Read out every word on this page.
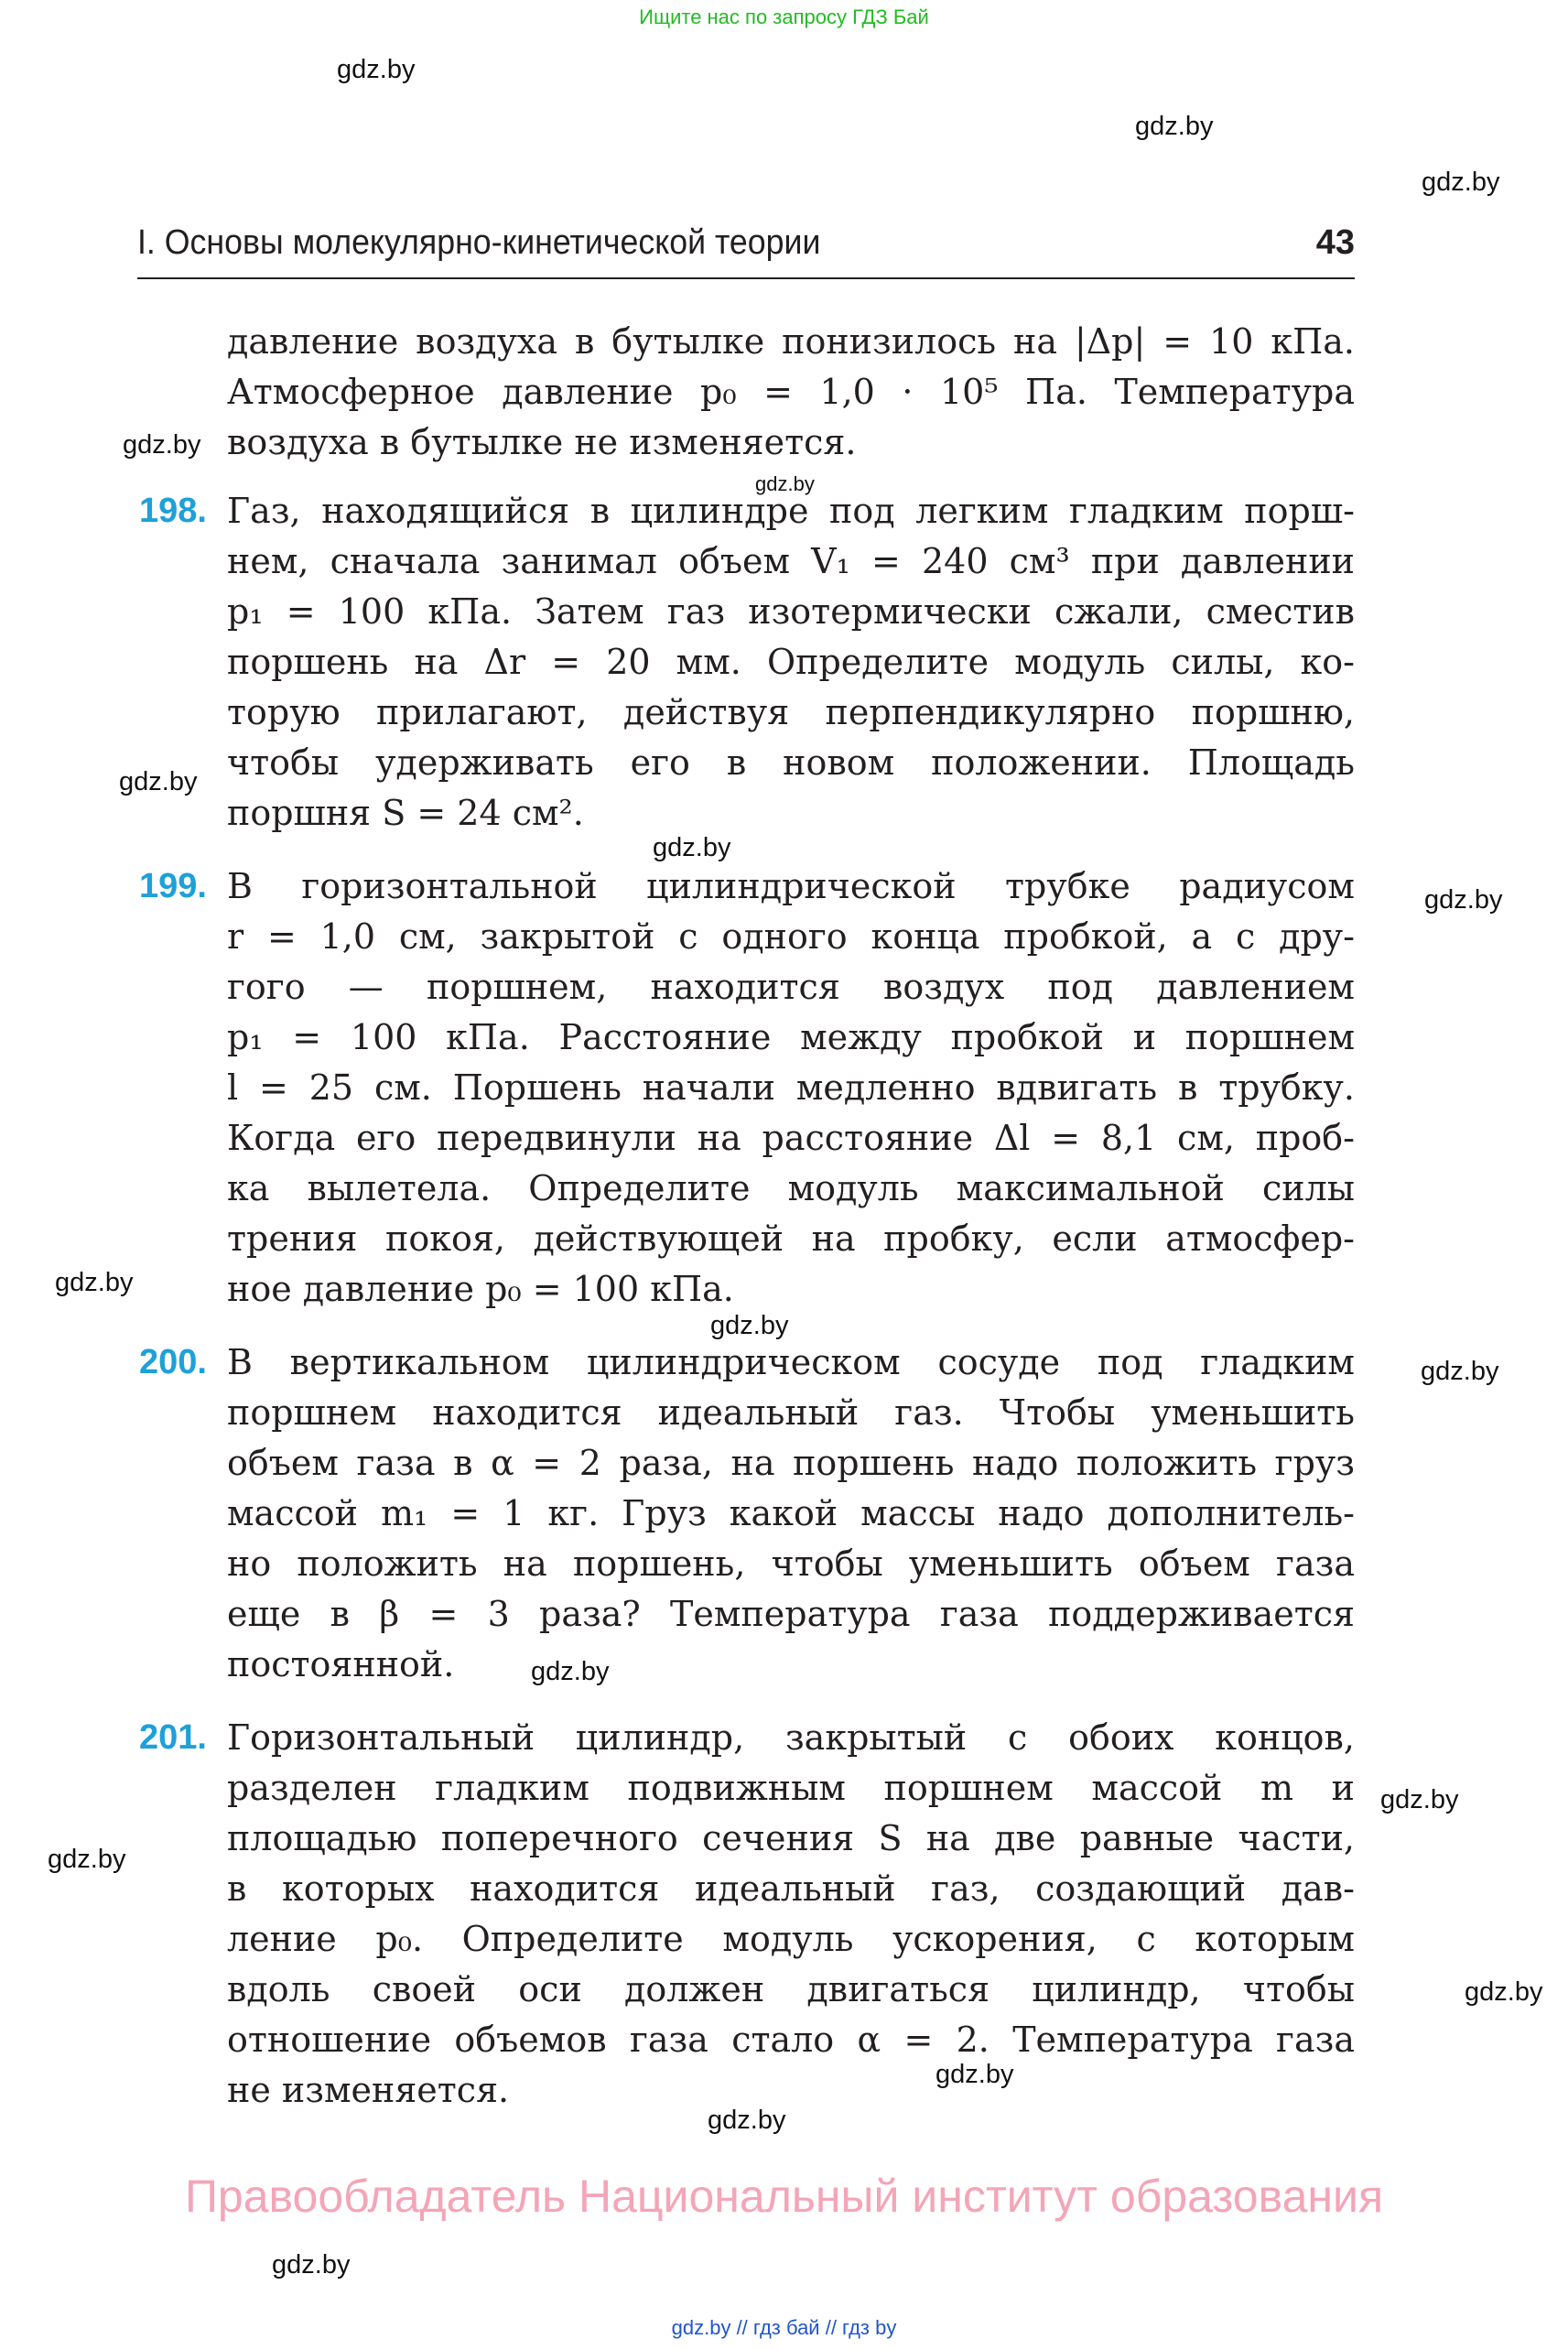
Ищите нас по запросу ГДЗ Бай
gdz.by
gdz.by
gdz.by
I. Основы молекулярно-кинетической теории	43
давление воздуха в бутылке понизилось на |Δp| = 10 кПа.
Атмосферное давление p₀ = 1,0 · 10⁵ Па. Температура
воздуха в бутылке не изменяется.
gdz.by
gdz.by
198. Газ, находящийся в цилиндре под легким гладким порш-
нем, сначала занимал объем V₁ = 240 см³ при давлении
p₁ = 100 кПа. Затем газ изотермически сжали, сместив
поршень на Δr = 20 мм. Определите модуль силы, ко-
торую прилагают, действуя перпендикулярно поршню,
чтобы удерживать его в новом положении. Площадь
поршня S = 24 см².
gdz.by
gdz.by
199. В горизонтальной цилиндрической трубке радиусом	gdz.by
r = 1,0 см, закрытой с одного конца пробкой, а с дру-
гого — поршнем, находится воздух под давлением
p₁ = 100 кПа. Расстояние между пробкой и поршнем
l = 25 см. Поршень начали медленно вдвигать в трубку.
Когда его передвинули на расстояние Δl = 8,1 см, проб-
ка вылетела. Определите модуль максимальной силы
трения покоя, действующей на пробку, если атмосфер-
ное давление p₀ = 100 кПа.
gdz.by
gdz.by
200. В вертикальном цилиндрическом сосуде под гладким gdz.by
поршнем находится идеальный газ. Чтобы уменьшить
объем газа в α = 2 раза, на поршень надо положить груз
массой m₁ = 1 кг. Груз какой массы надо дополнитель-
но положить на поршень, чтобы уменьшить объем газа
еще в β = 3 раза? Температура газа поддерживается
постоянной.	gdz.by
201. Горизонтальный цилиндр, закрытый с обоих концов,
разделен гладким подвижным поршнем массой m и gdz.by
площадью поперечного сечения S на две равные части,
gdz.by
в которых находится идеальный газ, создающий дав-
ление p₀. Определите модуль ускорения, с которым
gdz.by
вдоль своей оси должен двигаться цилиндр, чтобы
отношение объемов газа стало α = 2. Температура газа
gdz.by
не изменяется.
gdz.by
Правообладатель Национальный институт образования
gdz.by
gdz.by // гдз бай // гдз by
